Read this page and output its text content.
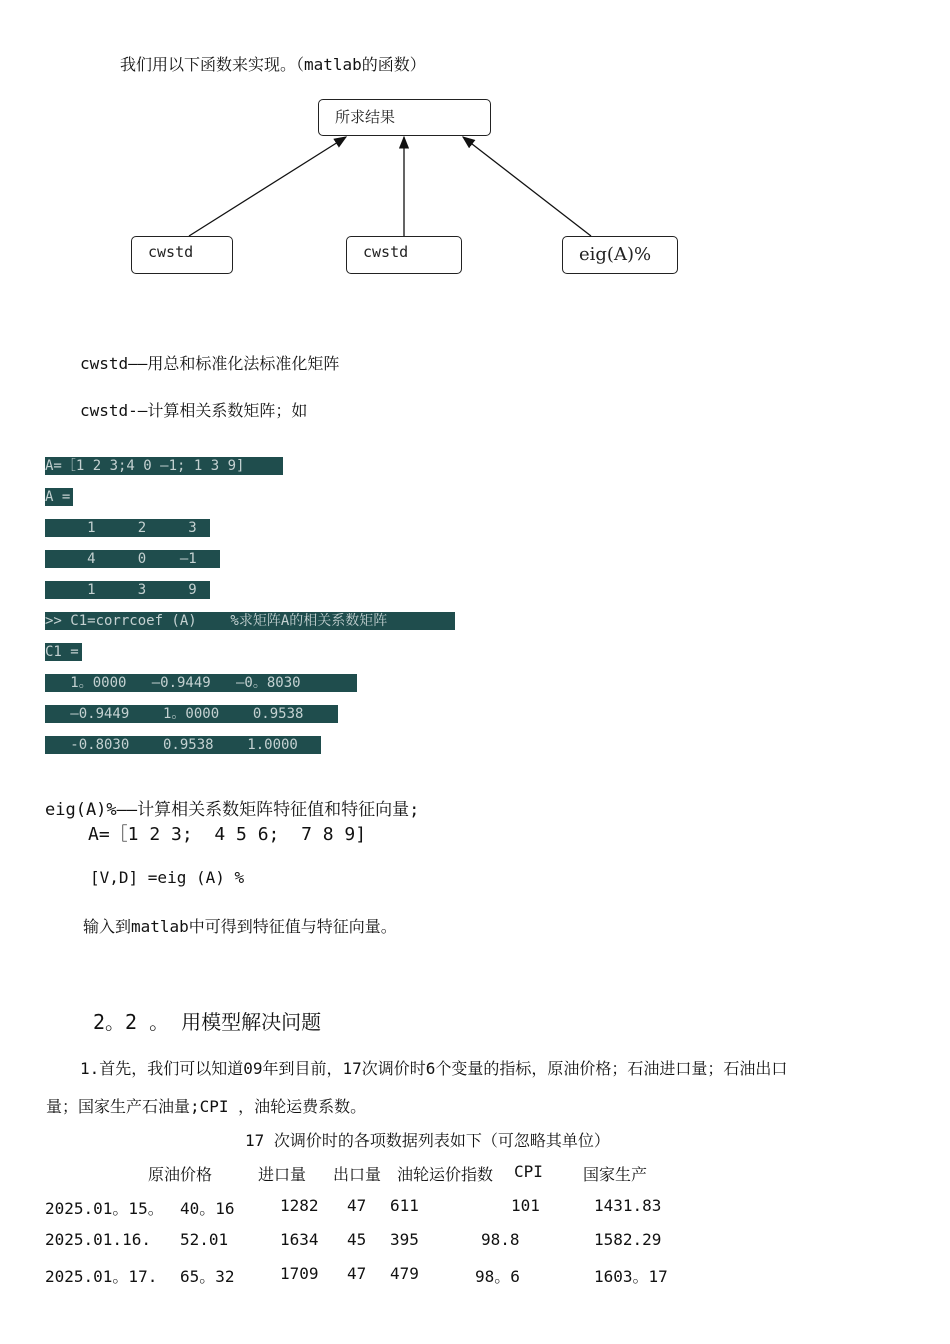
我们用以下函数来实现。（matlab的函数）
所求结果
cwstd	cwstd	eig(A)%
cwstd——用总和标准化法标准化矩阵
cwstd-—计算相关系数矩阵；如
A=［1 2 3;4 0 —1; 1 3 9]
A =
1     2     3
4     0    —1
1     3     9
>> C1=corrcoef (A)    %求矩阵A的相关系数矩阵
C1 =
1。0000   —0.9449   —0。8030
—0.9449    1。0000    0.9538
-0.8030    0.9538    1.0000
eig(A)%——计算相关系数矩阵特征值和特征向量;
A=［1 2 3;  4 5 6;  7 8 9]
[V,D] =eig (A) %
输入到matlab中可得到特征值与特征向量。
2。2 。 用模型解决问题
1.首先，我们可以知道09年到目前，17次调价时6个变量的指标，原油价格；石油进口量；石油出口
量；国家生产石油量;CPI ，油轮运费系数。
17 次调价时的各项数据列表如下（可忽略其单位）
原油价格	进口量 出口量 油轮运价指数 CPI	国家生产
2025.01。15。 40。16	1282 47 611	101	1431.83
2025.01.16. 52.01	1634 45 395	98.8	1582.29
2025.01。17. 65。32	1709 47 479	98。6	1603。17
